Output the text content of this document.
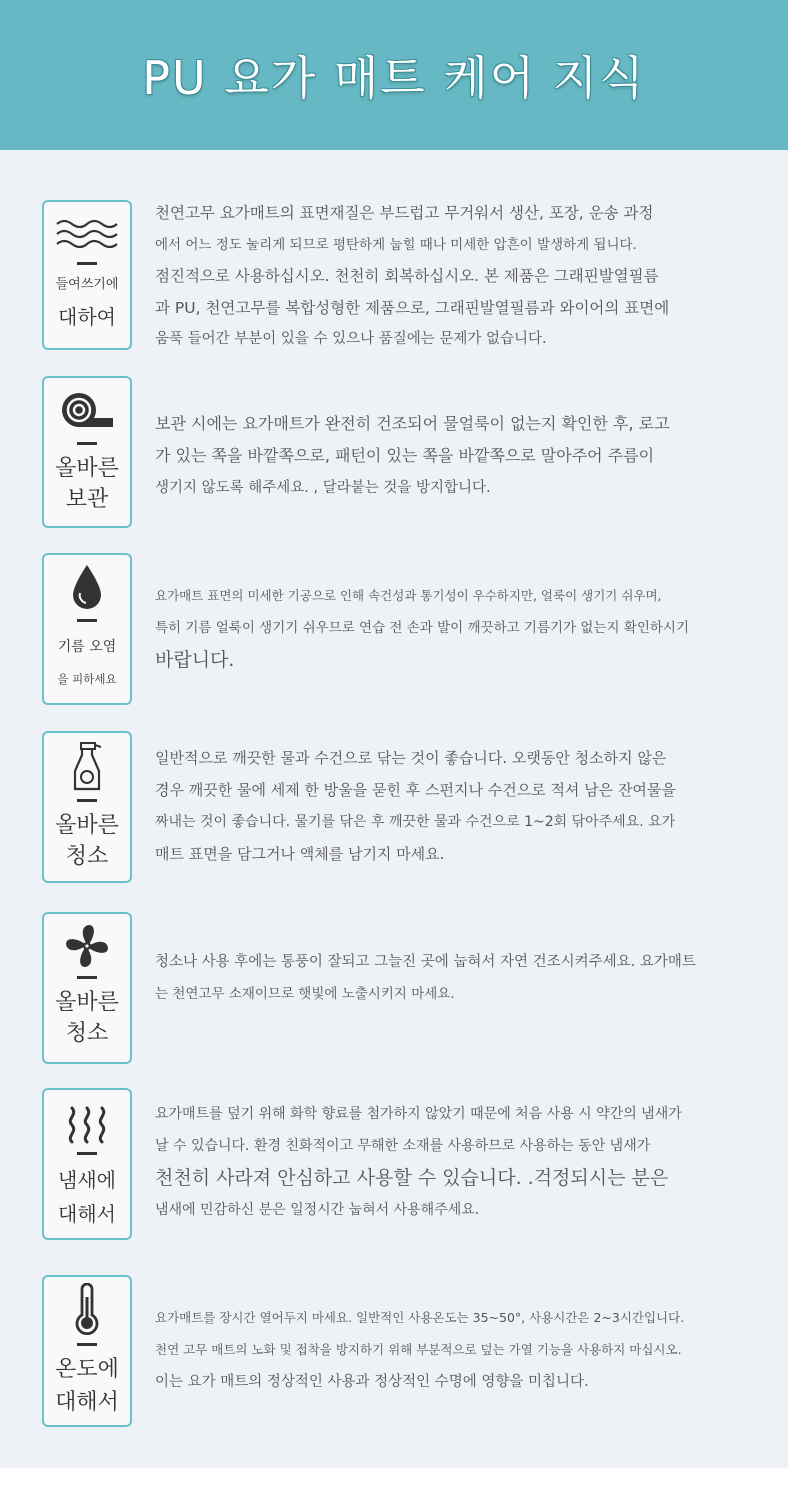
PU 요가 매트 케어 지식
들여쓰기에
대하여

천연고무 요가매트의 표면재질은 부드럽고 무거워서 생산, 포장, 운송 과정

에서 어느 정도 눌리게 되므로 평탄하게 눕힐 때나 미세한 압흔이 발생하게 됩니다.

점진적으로 사용하십시오. 천천히 회복하십시오. 본 제품은 그래핀발열필름

과 PU, 천연고무를 복합성형한 제품으로, 그래핀발열필름과 와이어의 표면에

움푹 들어간 부분이 있을 수 있으나 품질에는 문제가 없습니다.

올바른
보관

보관 시에는 요가매트가 완전히 건조되어 물얼룩이 없는지 확인한 후, 로고

가 있는 쪽을 바깥쪽으로, 패턴이 있는 쪽을 바깥쪽으로 말아주어 주름이

생기지 않도록 해주세요. , 달라붙는 것을 방지합니다.

기름 오염
을 피하세요

요가매트 표면의 미세한 기공으로 인해 속건성과 통기성이 우수하지만, 얼룩이 생기기 쉬우며,

특히 기름 얼룩이 생기기 쉬우므로 연습 전 손과 발이 깨끗하고 기름기가 없는지 확인하시기

바랍니다.

올바른
청소

일반적으로 깨끗한 물과 수건으로 닦는 것이 좋습니다. 오랫동안 청소하지 않은

경우 깨끗한 물에 세제 한 방울을 묻힌 후 스펀지나 수건으로 적셔 남은 잔여물을

짜내는 것이 좋습니다. 물기를 닦은 후 깨끗한 물과 수건으로 1~2회 닦아주세요. 요가

매트 표면을 담그거나 액체를 남기지 마세요.

올바른
청소

청소나 사용 후에는 통풍이 잘되고 그늘진 곳에 눕혀서 자연 건조시켜주세요. 요가매트

는 천연고무 소재이므로 햇빛에 노출시키지 마세요.

냄새에
대해서

요가매트를 덮기 위해 화학 향료를 첨가하지 않았기 때문에 처음 사용 시 약간의 냄새가

날 수 있습니다. 환경 친화적이고 무해한 소재를 사용하므로 사용하는 동안 냄새가

천천히 사라져 안심하고 사용할 수 있습니다. .걱정되시는 분은

냄새에 민감하신 분은 일정시간 눕혀서 사용해주세요.

온도에
대해서

요가매트를 장시간 열어두지 마세요. 일반적인 사용온도는 35~50°, 사용시간은 2~3시간입니다.

천연 고무 매트의 노화 및 접착을 방지하기 위해 부분적으로 덮는 가열 기능을 사용하지 마십시오.

이는 요가 매트의 정상적인 사용과 정상적인 수명에 영향을 미칩니다.
